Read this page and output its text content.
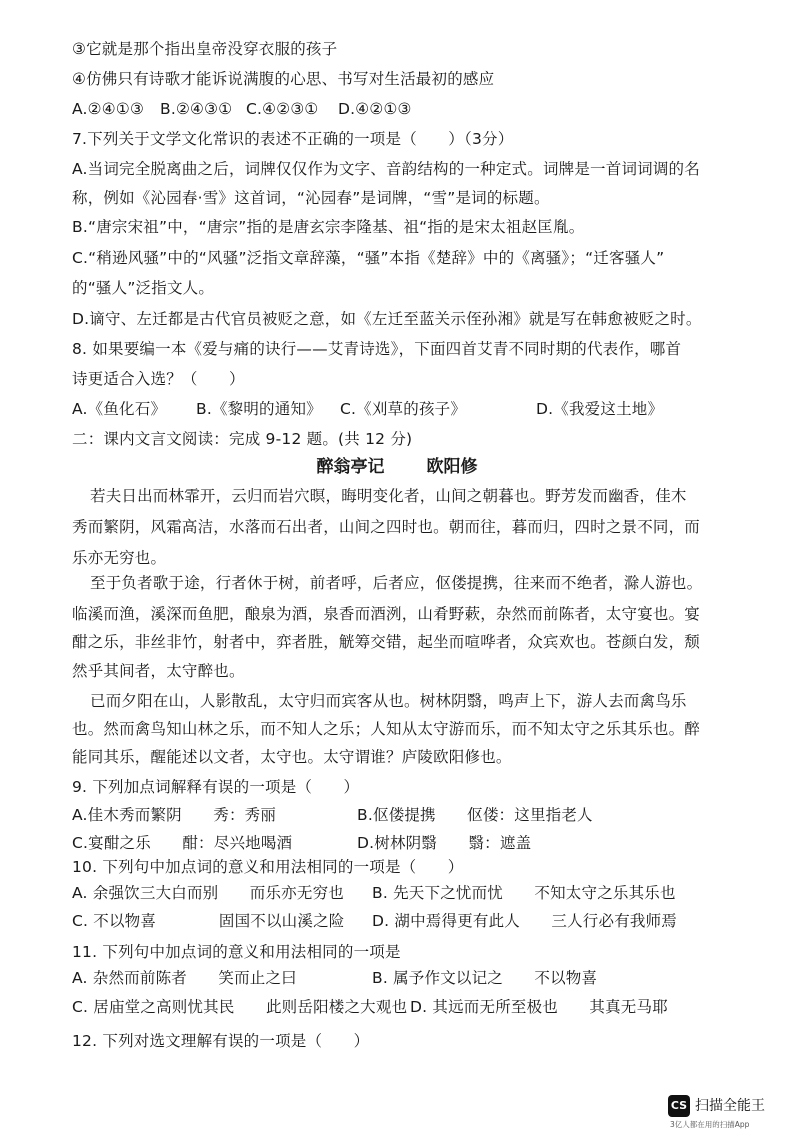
③它就是那个指出皇帝没穿衣服的孩子
④仿佛只有诗歌才能诉说满腹的心思、书写对生活最初的感应
A.②④①③	B.②④③① C.④②③①	D.④②①③
7.下列关于文学文化常识的表述不正确的一项是（　　）（3分）
A.当词完全脱离曲之后，词牌仅仅作为文字、音韵结构的一种定式。词牌是一首词词调的名
称，例如《沁园春·雪》这首词，“沁园春”是词牌，“雪”是词的标题。
B.“唐宗宋祖”中，“唐宗”指的是唐玄宗李隆基、祖“指的是宋太祖赵匡胤。
C.“稍逊风骚”中的“风骚”泛指文章辞藻，“骚”本指《楚辞》中的《离骚》；“迁客骚人”
的“骚人”泛指文人。
D.谪守、左迁都是古代官员被贬之意，如《左迁至蓝关示侄孙湘》就是写在韩愈被贬之时。
8. 如果要编一本《爱与痛的诀行——艾青诗选》，下面四首艾青不同时期的代表作，哪首
诗更适合入选？（　　）
A.《鱼化石》	B.《黎明的通知》	C.《刈草的孩子》	D.《我爱这土地》
二：课内文言文阅读：完成 9-12 题。(共 12 分)
醉翁亭记 欧阳修
若夫日出而林霏开，云归而岩穴暝，晦明变化者，山间之朝暮也。野芳发而幽香，佳木
秀而繁阴，风霜高洁，水落而石出者，山间之四时也。朝而往，暮而归，四时之景不同，而
乐亦无穷也。
至于负者歌于途，行者休于树，前者呼，后者应，伛偻提携，往来而不绝者，滁人游也。
临溪而渔，溪深而鱼肥，酿泉为酒，泉香而酒洌，山肴野蔌，杂然而前陈者，太守宴也。宴
酣之乐，非丝非竹，射者中，弈者胜，觥筹交错，起坐而喧哗者，众宾欢也。苍颜白发，颓
然乎其间者，太守醉也。
已而夕阳在山，人影散乱，太守归而宾客从也。树林阴翳，鸣声上下，游人去而禽鸟乐
也。然而禽鸟知山林之乐，而不知人之乐；人知从太守游而乐，而不知太守之乐其乐也。醉
能同其乐，醒能述以文者，太守也。太守谓谁？庐陵欧阳修也。
9. 下列加点词解释有误的一项是（　　）
A.佳木秀而繁阴　　秀：秀丽	B.伛偻提携　　伛偻：这里指老人
C.宴酣之乐　　酣：尽兴地喝酒	D.树林阴翳　　翳：遮盖
10. 下列句中加点词的意义和用法相同的一项是（　　）
A. 余强饮三大白而别　　而乐亦无穷也	B. 先天下之忧而忧　　不知太守之乐其乐也
C. 不以物喜　　　　固国不以山溪之险	D. 湖中焉得更有此人　　三人行必有我师焉
11. 下列句中加点词的意义和用法相同的一项是
A. 杂然而前陈者　　笑而止之曰	B. 属予作文以记之　　不以物喜
C. 居庙堂之高则忧其民　　此则岳阳楼之大观也 D. 其远而无所至极也　　其真无马耶
12. 下列对选文理解有误的一项是（　　）
CS 扫描全能王
3亿人都在用的扫描App
